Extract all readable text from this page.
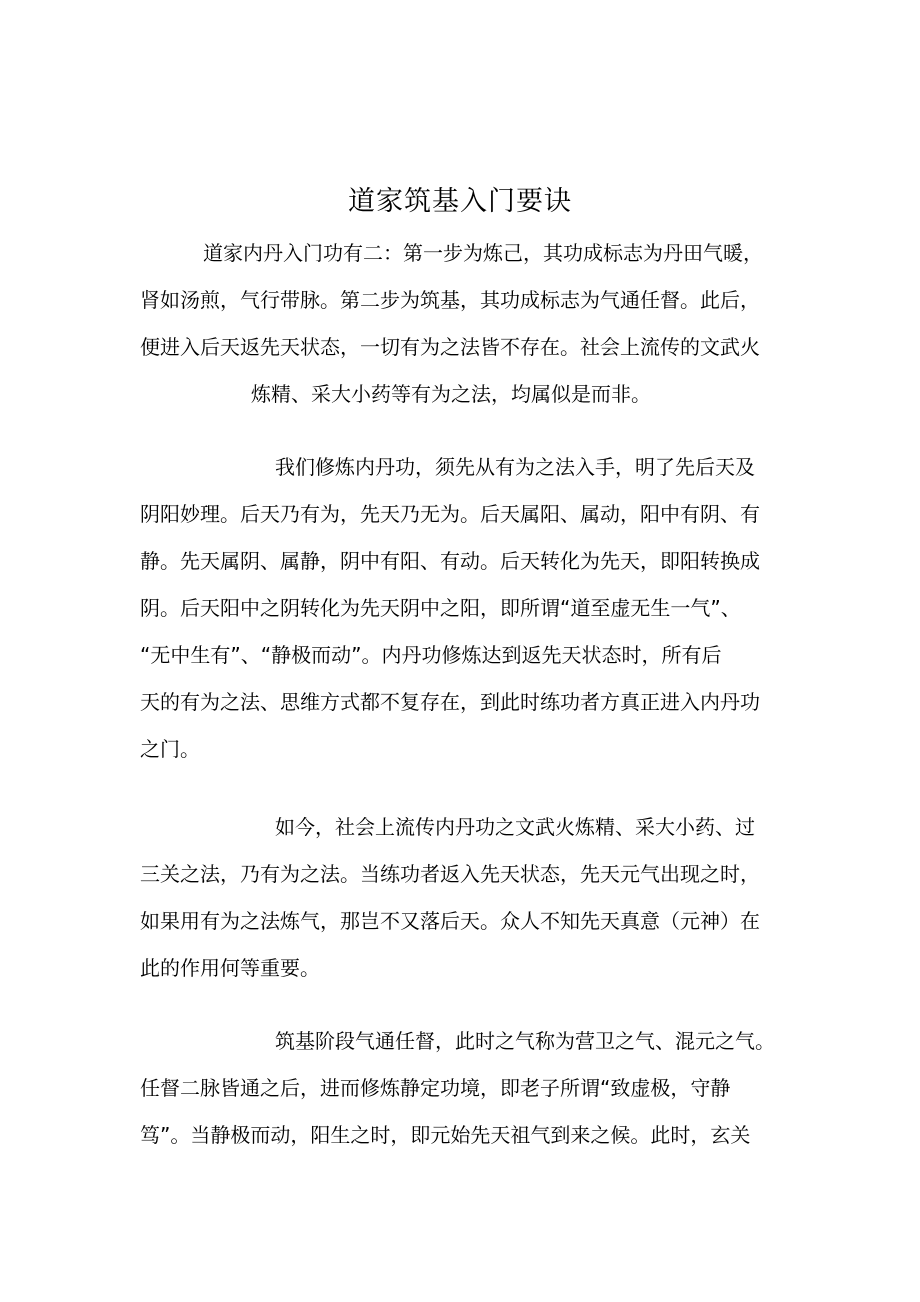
道家筑基入门要诀
道家内丹入门功有二：第一步为炼己，其功成标志为丹田气暖，
肾如汤煎，气行带脉。第二步为筑基，其功成标志为气通任督。此后，
便进入后天返先天状态，一切有为之法皆不存在。社会上流传的文武火
炼精、采大小药等有为之法，均属似是而非。
我们修炼内丹功，须先从有为之法入手，明了先后天及
阴阳妙理。后天乃有为，先天乃无为。后天属阳、属动，阳中有阴、有
静。先天属阴、属静，阴中有阳、有动。后天转化为先天，即阳转换成
阴。后天阳中之阴转化为先天阴中之阳，即所谓“道至虚无生一气”、
“无中生有”、“静极而动”。内丹功修炼达到返先天状态时，所有后
天的有为之法、思维方式都不复存在，到此时练功者方真正进入内丹功
之门。
如今，社会上流传内丹功之文武火炼精、采大小药、过
三关之法，乃有为之法。当练功者返入先天状态，先天元气出现之时，
如果用有为之法炼气，那岂不又落后天。众人不知先天真意（元神）在
此的作用何等重要。
筑基阶段气通任督，此时之气称为营卫之气、混元之气。
任督二脉皆通之后，进而修炼静定功境，即老子所谓“致虚极，守静
笃”。当静极而动，阳生之时，即元始先天祖气到来之候。此时，玄关
